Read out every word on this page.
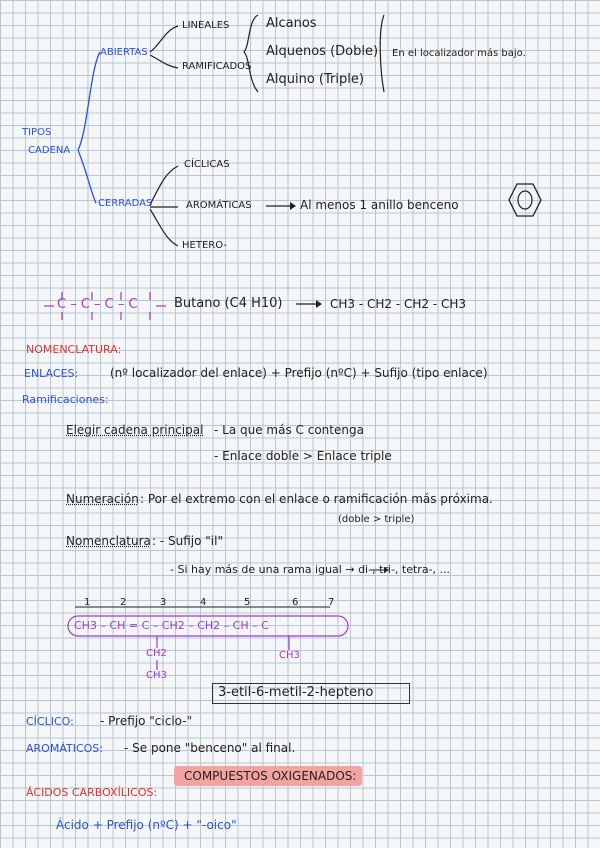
TIPOS
CADENA
ABIERTAS
LINEALES
RAMIFICADOS
Alcanos
Alquenos (Doble)
Alquino (Triple)
En el localizador más bajo.
CERRADAS
CÍCLICAS
AROMÁTICAS	Al menos 1 anillo benceno
HETERO-
C – C – C – C	Butano (C4 H10)	CH3 - CH2 - CH2 - CH3
NOMENCLATURA:
ENLACES:	(nº localizador del enlace) + Prefijo (nºC) + Sufijo (tipo enlace)
Ramificaciones:
Elegir cadena principal - La que más C contenga
- Enlace doble > Enlace triple
Numeración : Por el extremo con el enlace o ramificación más próxima.
(doble > triple)
Nomenclatura : - Sufijo "il"
- Si hay más de una rama igual → di-, tri-, tetra-, ...
1	2	3	4	5	6	7
CH3 – CH = C – CH2 – CH2 – CH – C
CH2
CH3
CH3
3-etil-6-metil-2-hepteno
CÍCLICO: - Prefijo "ciclo-"
AROMÁTICOS: - Se pone "benceno" al final.
COMPUESTOS OXIGENADOS:
ÁCIDOS CARBOXÍLICOS:
Ácido + Prefijo (nºC) + "-oico"
